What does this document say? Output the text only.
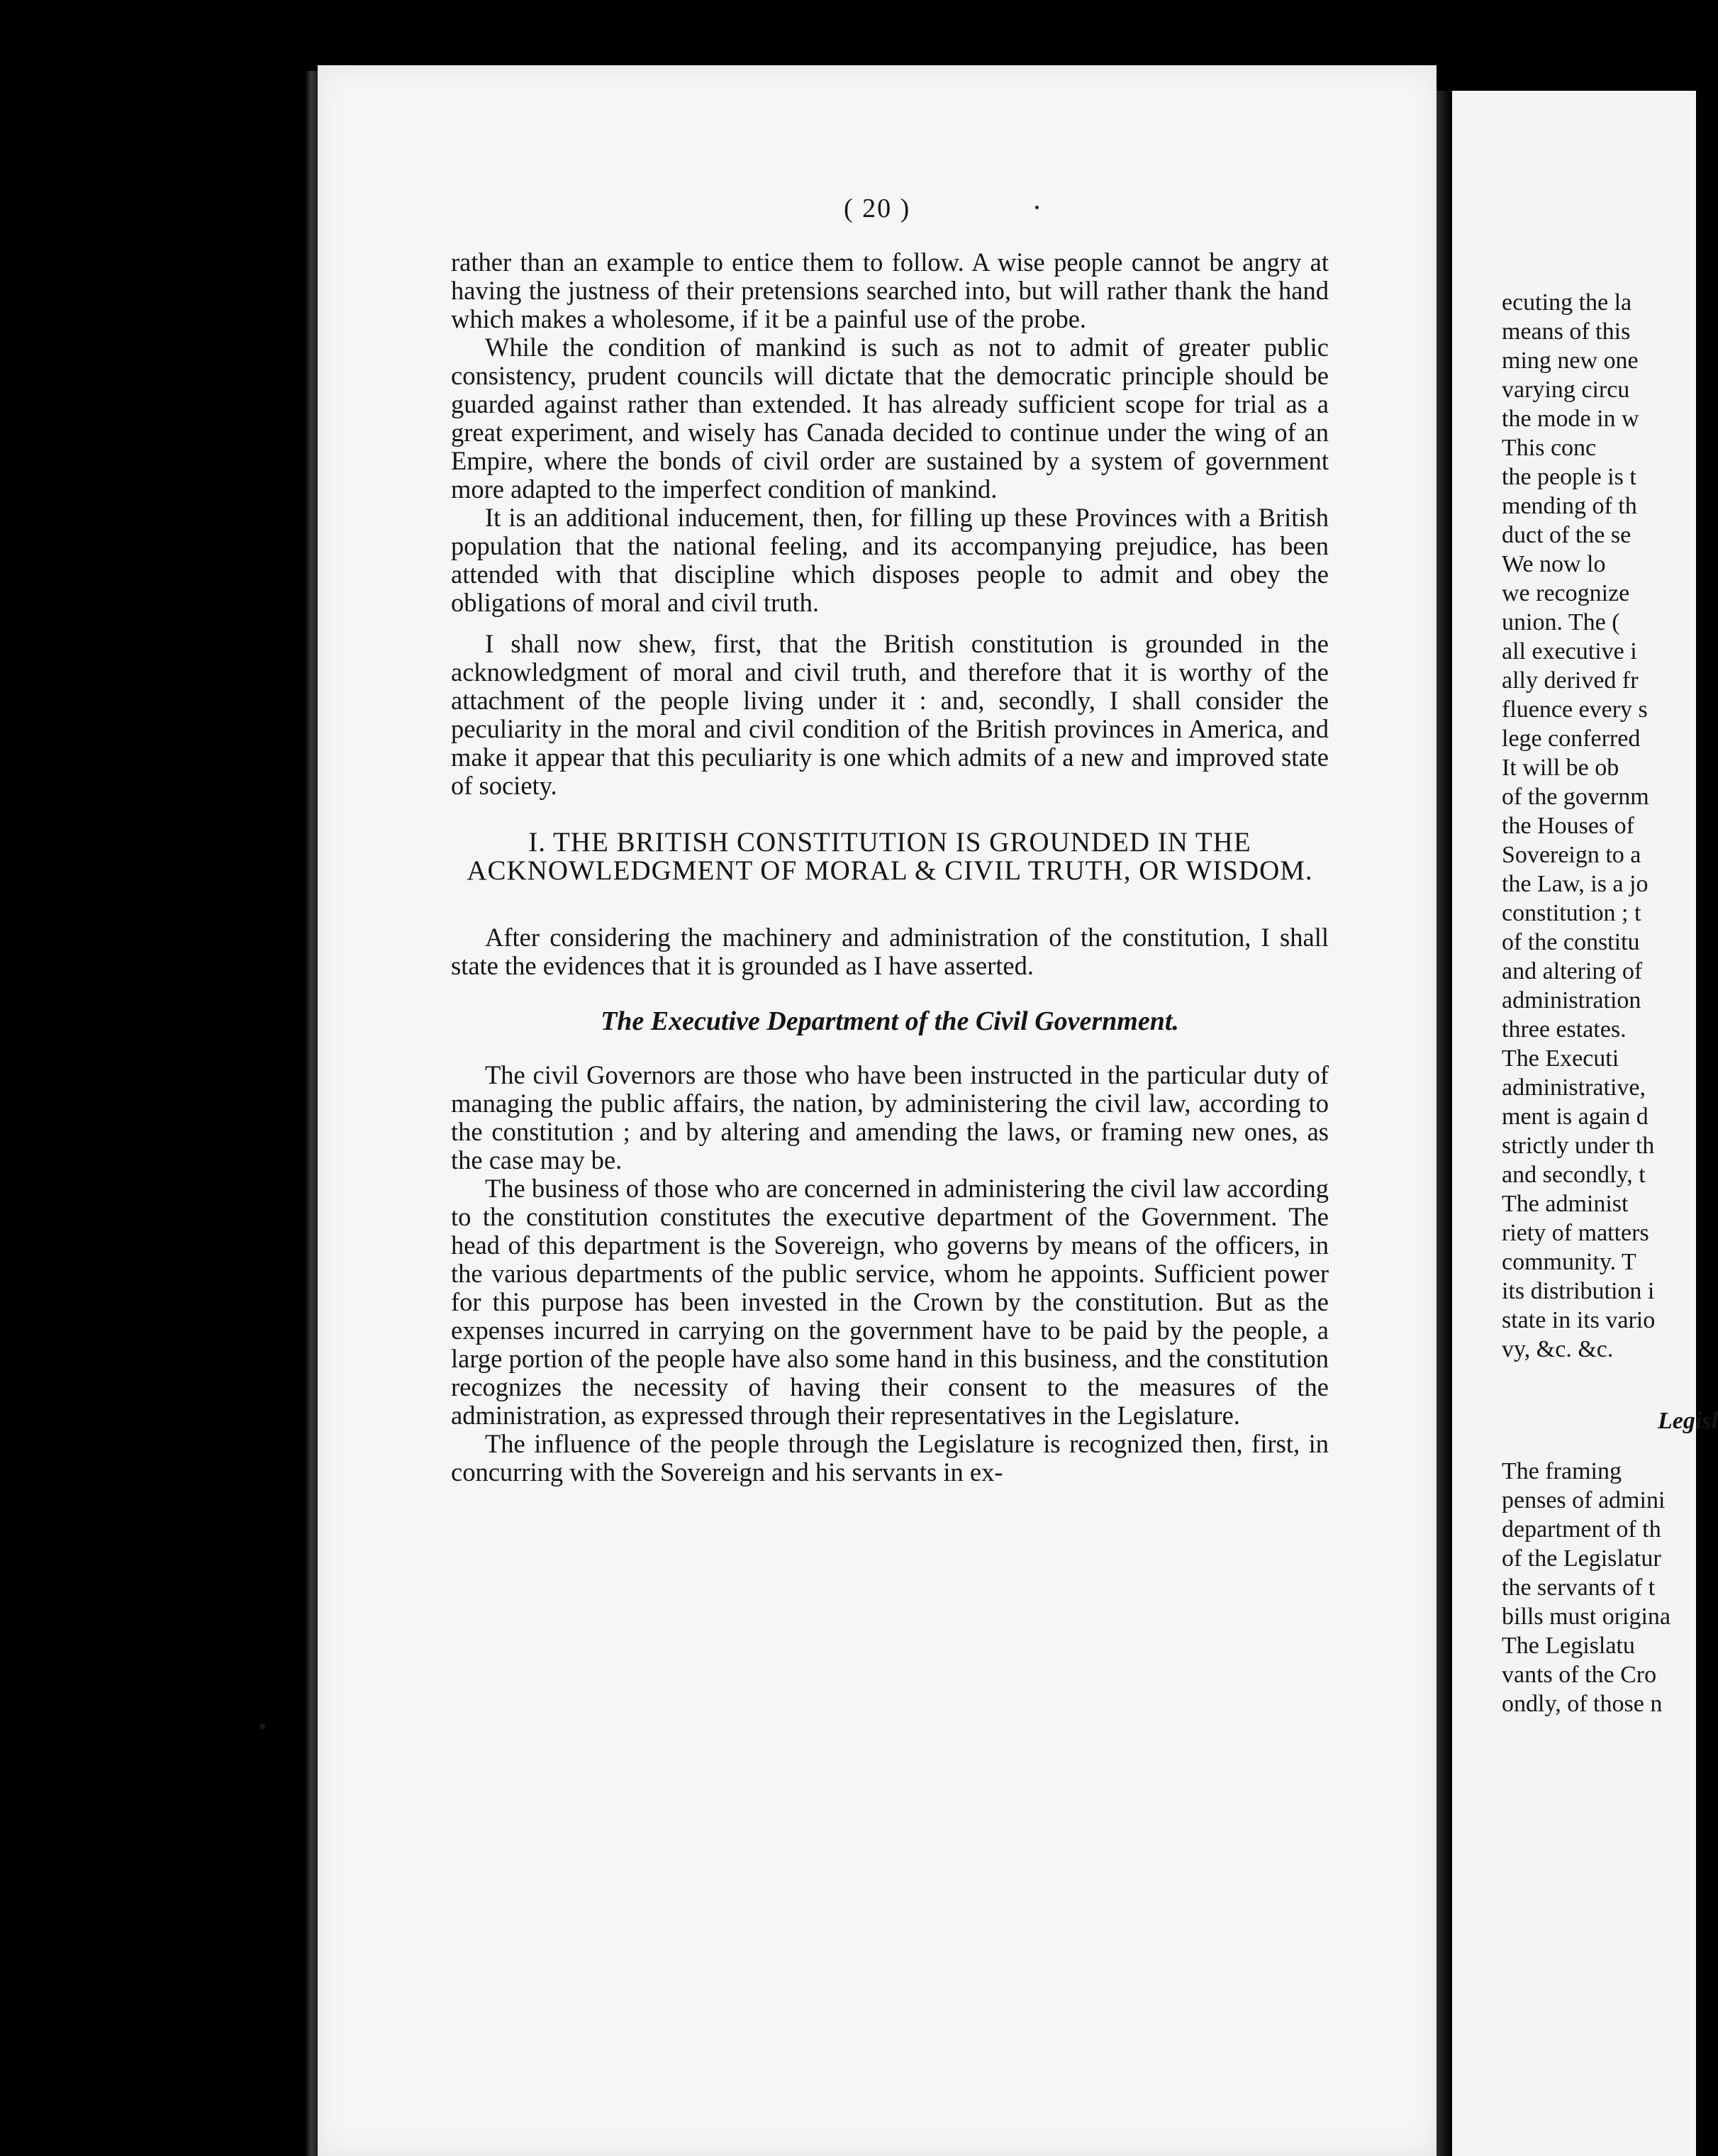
( 20 )

rather than an example to entice them to follow. A wise people cannot be angry at having the justness of their pretensions searched into, but will rather thank the hand which makes a wholesome, if it be a painful use of the probe.

While the condition of mankind is such as not to admit of greater public consistency, prudent councils will dictate that the democratic principle should be guarded against rather than extended. It has already sufficient scope for trial as a great experiment, and wisely has Canada decided to continue under the wing of an Empire, where the bonds of civil order are sustained by a system of government more adapted to the imperfect condition of mankind.

It is an additional inducement, then, for filling up these Provinces with a British population that the national feeling, and its accompanying prejudice, has been attended with that discipline which disposes people to admit and obey the obligations of moral and civil truth.

I shall now shew, first, that the British constitution is grounded in the acknowledgment of moral and civil truth, and therefore that it is worthy of the attachment of the people living under it : and, secondly, I shall consider the peculiarity in the moral and civil condition of the British provinces in America, and make it appear that this peculiarity is one which admits of a new and improved state of society.

I. THE BRITISH CONSTITUTION IS GROUNDED IN THE ACKNOWLEDGMENT OF MORAL & CIVIL TRUTH, OR WISDOM.

After considering the machinery and administration of the constitution, I shall state the evidences that it is grounded as I have asserted.

The Executive Department of the Civil Government.

The civil Governors are those who have been instructed in the particular duty of managing the public affairs, the nation, by administering the civil law, according to the constitution ; and by altering and amending the laws, or framing new ones, as the case may be.

The business of those who are concerned in administering the civil law according to the constitution constitutes the executive department of the Government. The head of this department is the Sovereign, who governs by means of the officers, in the various departments of the public service, whom he appoints. Sufficient power for this purpose has been invested in the Crown by the constitution. But as the expenses incurred in carrying on the government have to be paid by the people, a large portion of the people have also some hand in this business, and the constitution recognizes the necessity of having their consent to the measures of the administration, as expressed through their representatives in the Legislature.

The influence of the people through the Legislature is recognized then, first, in concurring with the Sovereign and his servants in ex-

ecuting the la
means of this
ming new one
varying circu
the mode in w
This conc
the people is t
mending of th
duct of the se
We now lo
we recognize
union. The (
all executive i
ally derived fr
fluence every s
lege conferred
It will be ob
of the governm
the Houses of
Sovereign to a
the Law, is a jo
constitution ; t
of the constitu
and altering of
administration
three estates.
The Executi
administrative,
ment is again d
strictly under th
and secondly, t
The administ
riety of matters
community. T
its distribution i
state in its vario
vy, &c. &c.
Legisl
The framing
penses of admini
department of th
of the Legislatur
the servants of t
bills must origina
The Legislatu
vants of the Cro
ondly, of those n
